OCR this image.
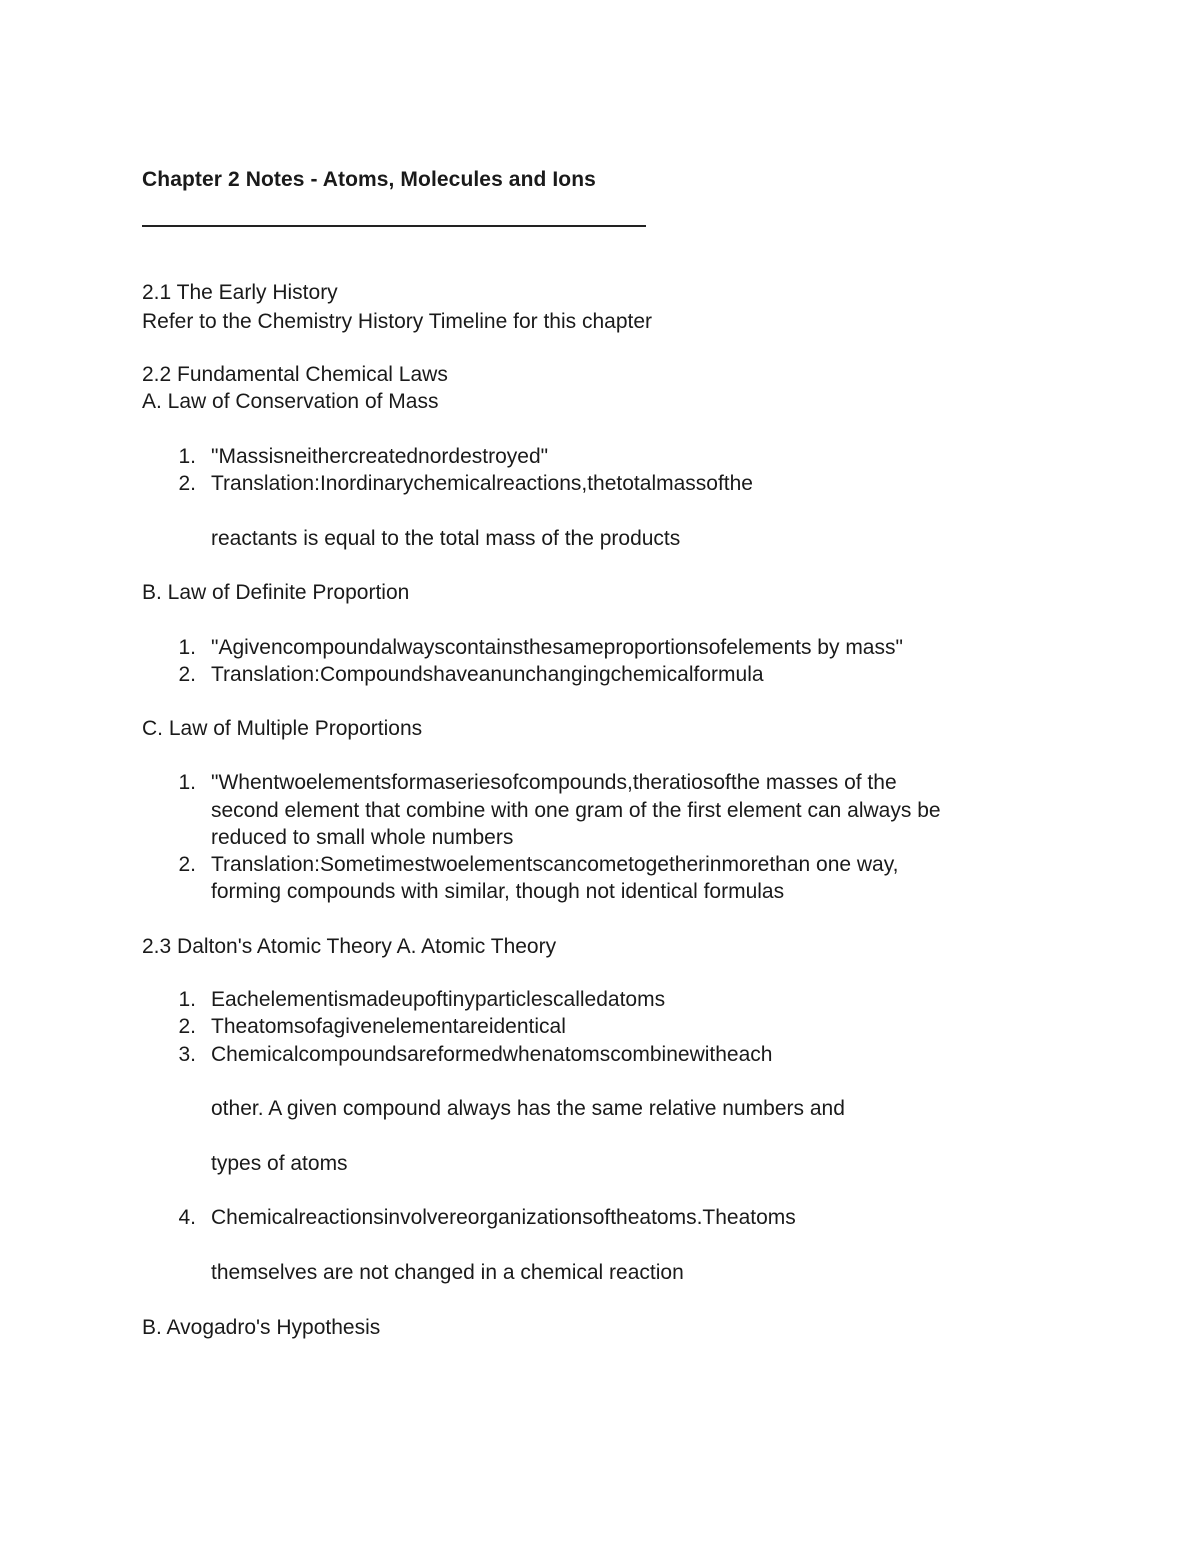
Chapter 2 Notes - Atoms, Molecules and Ions
2.1 The Early History
Refer to the Chemistry History Timeline for this chapter
2.2 Fundamental Chemical Laws
A. Law of Conservation of Mass
1. "Massisneithercreatednordestroyed"
2. Translation:Inordinarychemicalreactions,thetotalmassofthe
reactants is equal to the total mass of the products
B. Law of Definite Proportion
1. "Agivencompoundalwayscontainsthesameproportionsofelements by mass"
2. Translation:Compoundshaveanunchangingchemicalformula
C. Law of Multiple Proportions
1. "Whentwoelementsformaseriesofcompounds,theratiosofthe masses of the
second element that combine with one gram of the first element can always be
reduced to small whole numbers
2. Translation:Sometimestwoelementscancometogetherinmorethan one way,
forming compounds with similar, though not identical formulas
2.3 Dalton's Atomic Theory A. Atomic Theory
1. Eachelementismadeupoftinyparticlescalledatoms
2. Theatomsofagivenelementareidentical
3. Chemicalcompoundsareformedwhenatomscombinewitheach
other. A given compound always has the same relative numbers and
types of atoms
4. Chemicalreactionsinvolvereorganizationsoftheatoms.Theatoms
themselves are not changed in a chemical reaction
B. Avogadro's Hypothesis
